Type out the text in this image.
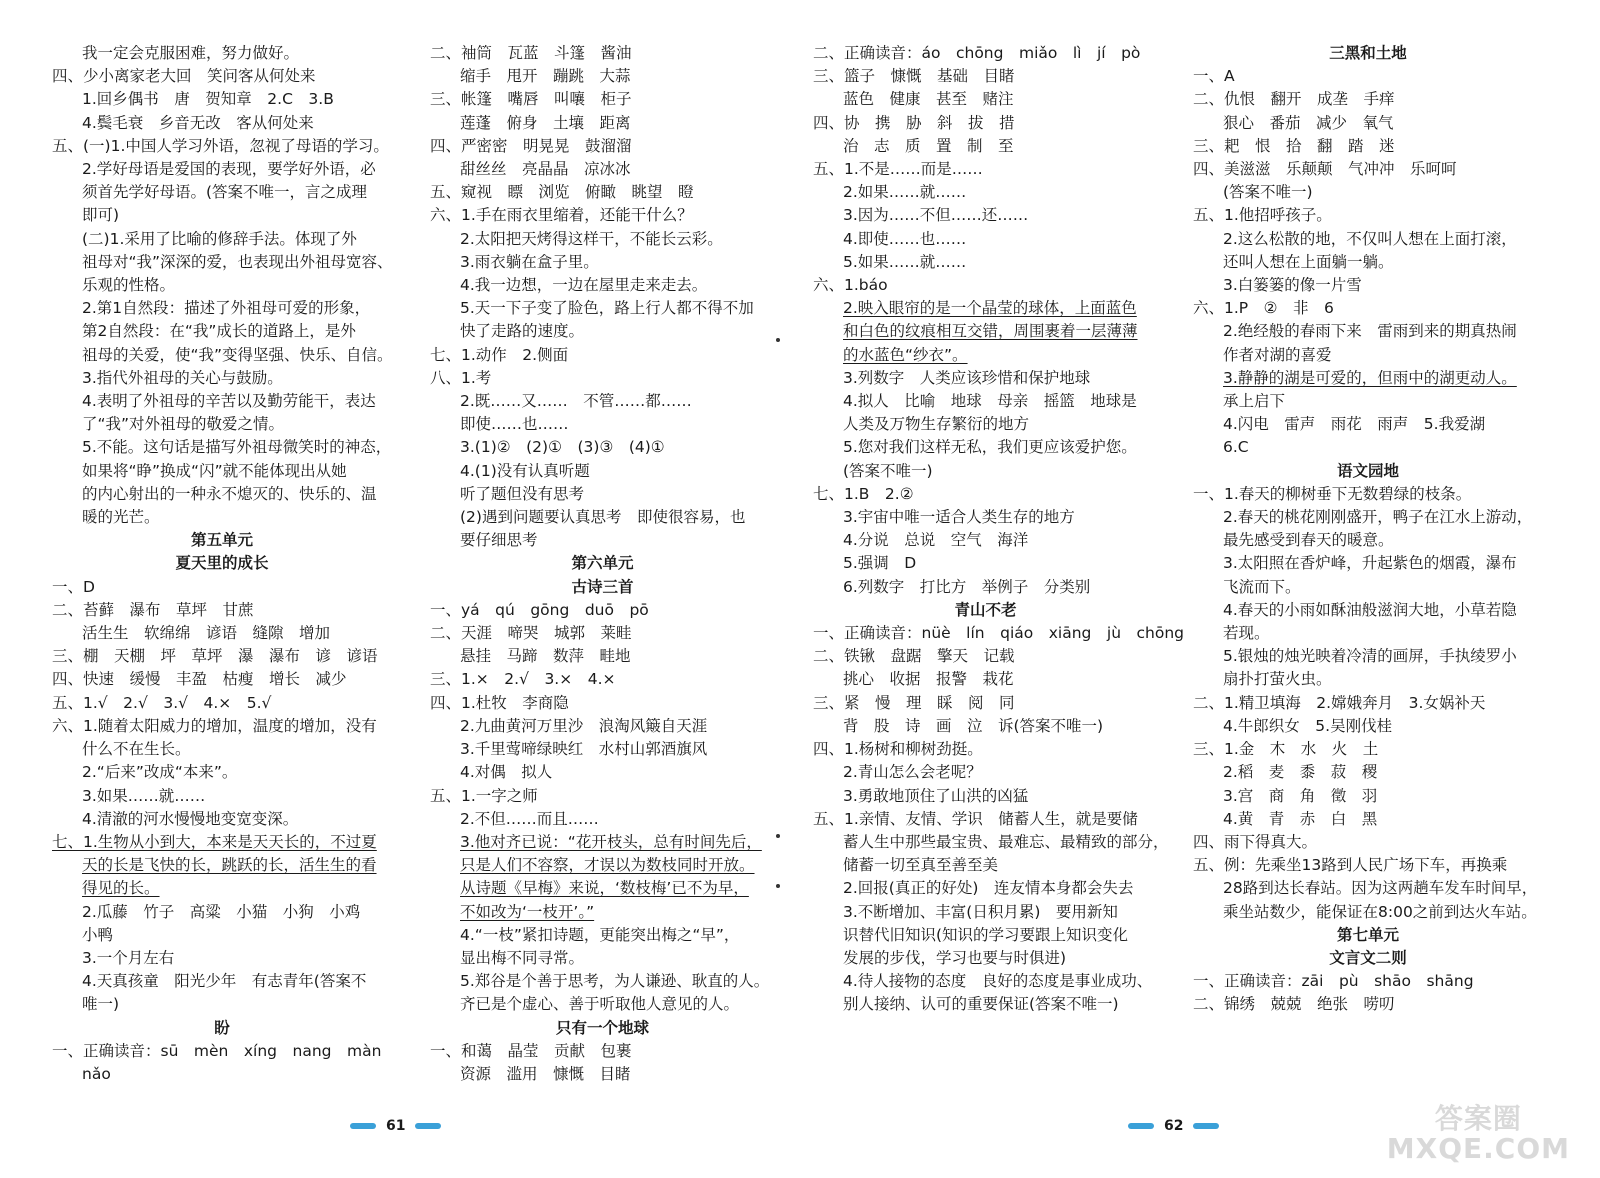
我一定会克服困难，努力做好。
四、少小离家老大回　笑问客从何处来
1.回乡偶书　唐　贺知章　2.C　3.B
4.鬓毛衰　乡音无改　客从何处来
五、(一)1.中国人学习外语，忽视了母语的学习。
2.学好母语是爱国的表现，要学好外语，必
须首先学好母语。(答案不唯一，言之成理
即可)
(二)1.采用了比喻的修辞手法。体现了外
祖母对“我”深深的爱，也表现出外祖母宽容、
乐观的性格。
2.第1自然段：描述了外祖母可爱的形象，
第2自然段：在“我”成长的道路上，是外
祖母的关爱，使“我”变得坚强、快乐、自信。
3.指代外祖母的关心与鼓励。
4.表明了外祖母的辛苦以及勤劳能干，表达
了“我”对外祖母的敬爱之情。
5.不能。这句话是描写外祖母微笑时的神态，
如果将“睁”换成“闪”就不能体现出从她
的内心射出的一种永不熄灭的、快乐的、温
暖的光芒。
第五单元
夏天里的成长
一、D
二、苔藓　瀑布　草坪　甘蔗
活生生　软绵绵　谚语　缝隙　增加
三、棚　天棚　坪　草坪　瀑　瀑布　谚　谚语
四、快速　缓慢　丰盈　枯瘦　增长　减少
五、1.√　2.√　3.√　4.×　5.√
六、1.随着太阳威力的增加，温度的增加，没有
什么不在生长。
2.“后来”改成“本来”。
3.如果……就……
4.清澈的河水慢慢地变宽变深。
七、1.生物从小到大，本来是天天长的，不过夏
天的长是飞快的长，跳跃的长，活生生的看
得见的长。
2.瓜藤　竹子　高粱　小猫　小狗　小鸡
小鸭
3.一个月左右
4.天真孩童　阳光少年　有志青年(答案不
唯一)
盼
一、正确读音：sū　mèn　xíng　nang　màn
nǎo
二、袖筒　瓦蓝　斗篷　酱油
缩手　甩开　蹦跳　大蒜
三、帐篷　嘴唇　叫嚷　柜子
莲蓬　俯身　土壤　距离
四、严密密　明晃晃　鼓溜溜
甜丝丝　亮晶晶　凉冰冰
五、窥视　瞟　浏览　俯瞰　眺望　瞪
六、1.手在雨衣里缩着，还能干什么？
2.太阳把天烤得这样干，不能长云彩。
3.雨衣躺在盒子里。
4.我一边想，一边在屋里走来走去。
5.天一下子变了脸色，路上行人都不得不加
快了走路的速度。
七、1.动作　2.侧面
八、1.考
2.既……又……　不管……都……
即使……也……
3.(1)②　(2)①　(3)③　(4)①
4.(1)没有认真听题
听了题但没有思考
(2)遇到问题要认真思考　即使很容易，也
要仔细思考
第六单元
古诗三首
一、yá　qú　gōng　duō　pō
二、天涯　啼哭　城郭　莱畦
悬挂　马蹄　数萍　畦地
三、1.×　2.√　3.×　4.×
四、1.杜牧　李商隐
2.九曲黄河万里沙　浪淘风簸自天涯
3.千里莺啼绿映红　水村山郭酒旗风
4.对偶　拟人
五、1.一字之师
2.不但……而且……
3.他对齐已说：“花开枝头，总有时间先后，
只是人们不容察，才误以为数枝同时开放。
从诗题《早梅》来说，‘数枝梅’已不为早，
不如改为‘一枝开’。”
4.“一枝”紧扣诗题，更能突出梅之“早”，
显出梅不同寻常。
5.郑谷是个善于思考，为人谦逊、耿直的人。
齐已是个虚心、善于听取他人意见的人。
只有一个地球
一、和蔼　晶莹　贡献　包裹
资源　滥用　慷慨　目睹
二、正确读音：áo　chōng　miǎo　lì　jí　pò
三、篮子　慷慨　基础　目睹
蓝色　健康　甚至　赌注
四、协　携　胁　斜　拔　措
治　志　质　置　制　至
五、1.不是……而是……
2.如果……就……
3.因为……不但……还……
4.即使……也……
5.如果……就……
六、1.báo
2.映入眼帘的是一个晶莹的球体，上面蓝色
和白色的纹痕相互交错，周围裹着一层薄薄
的水蓝色“纱衣”。
3.列数字　人类应该珍惜和保护地球
4.拟人　比喻　地球　母亲　摇篮　地球是
人类及万物生存繁衍的地方
5.您对我们这样无私，我们更应该爱护您。
(答案不唯一)
七、1.B　2.②
3.宇宙中唯一适合人类生存的地方
4.分说　总说　空气　海洋
5.强调　D
6.列数字　打比方　举例子　分类别
青山不老
一、正确读音：nüè　lín　qiáo　xiāng　jù　chōng
二、铁锹　盘踞　擎天　记载
挑心　收据　报警　栽花
三、紧　慢　理　睬　阅　同
背　股　诗　画　泣　诉(答案不唯一)
四、1.杨树和柳树劲挺。
2.青山怎么会老呢？
3.勇敢地顶住了山洪的凶猛
五、1.亲情、友情、学识　储蓄人生，就是要储
蓄人生中那些最宝贵、最难忘、最精致的部分，
储蓄一切至真至善至美
2.回报(真正的好处)　连友情本身都会失去
3.不断增加、丰富(日积月累)　要用新知
识替代旧知识(知识的学习要跟上知识变化
发展的步伐，学习也要与时俱进)
4.待人接物的态度　良好的态度是事业成功、
别人接纳、认可的重要保证(答案不唯一)
三黑和土地
一、A
二、仇恨　翻开　成垄　手痒
狠心　番茄　减少　氧气
三、耙　恨　拾　翻　踏　迷
四、美滋滋　乐颠颠　气冲冲　乐呵呵
(答案不唯一)
五、1.他招呼孩子。
2.这么松散的地，不仅叫人想在上面打滚，
还叫人想在上面躺一躺。
3.白篓篓的像一片雪
六、1.P　②　非　6
2.绝经般的春雨下来　雷雨到来的期真热闹
作者对湖的喜爱
3.静静的湖是可爱的，但雨中的湖更动人。
承上启下
4.闪电　雷声　雨花　雨声　5.我爱湖
6.C
语文园地
一、1.春天的柳树垂下无数碧绿的枝条。
2.春天的桃花刚刚盛开，鸭子在江水上游动，
最先感受到春天的暖意。
3.太阳照在香炉峰，升起紫色的烟霞，瀑布
飞流而下。
4.春天的小雨如酥油般滋润大地，小草若隐
若现。
5.银烛的烛光映着冷清的画屏，手执绫罗小
扇扑打萤火虫。
二、1.精卫填海　2.嫦娥奔月　3.女娲补天
4.牛郎织女　5.吴刚伐桂
三、1.金　木　水　火　土
2.稻　麦　黍　菽　稷
3.宫　商　角　徵　羽
4.黄　青　赤　白　黑
四、雨下得真大。
五、例：先乘坐13路到人民广场下车，再换乘
28路到达长春站。因为这两趟车发车时间早，
乘坐站数少，能保证在8:00之前到达火车站。
第七单元
文言文二则
一、正确读音：zāi　pù　shāo　shāng
二、锦绣　兢兢　绝张　唠叨
61	62	答案圈
MXQE.COM
